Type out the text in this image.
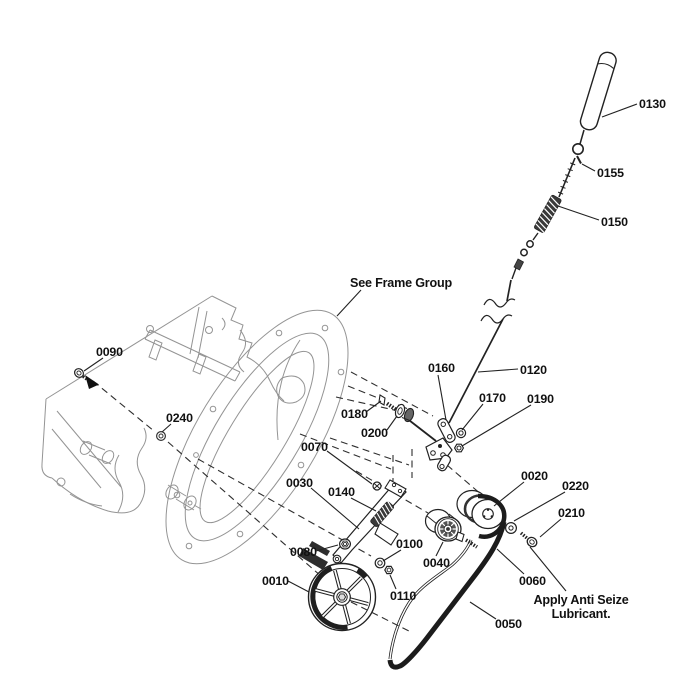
0130
0155
0150
0120
0160
0170 0190
0180
0200
0090
0240
0070
0030
0140
0080
0100
0110
0010
0040
0020
0220
0210
0060
0050
See Frame Group
Apply Anti Seize
Lubricant.
